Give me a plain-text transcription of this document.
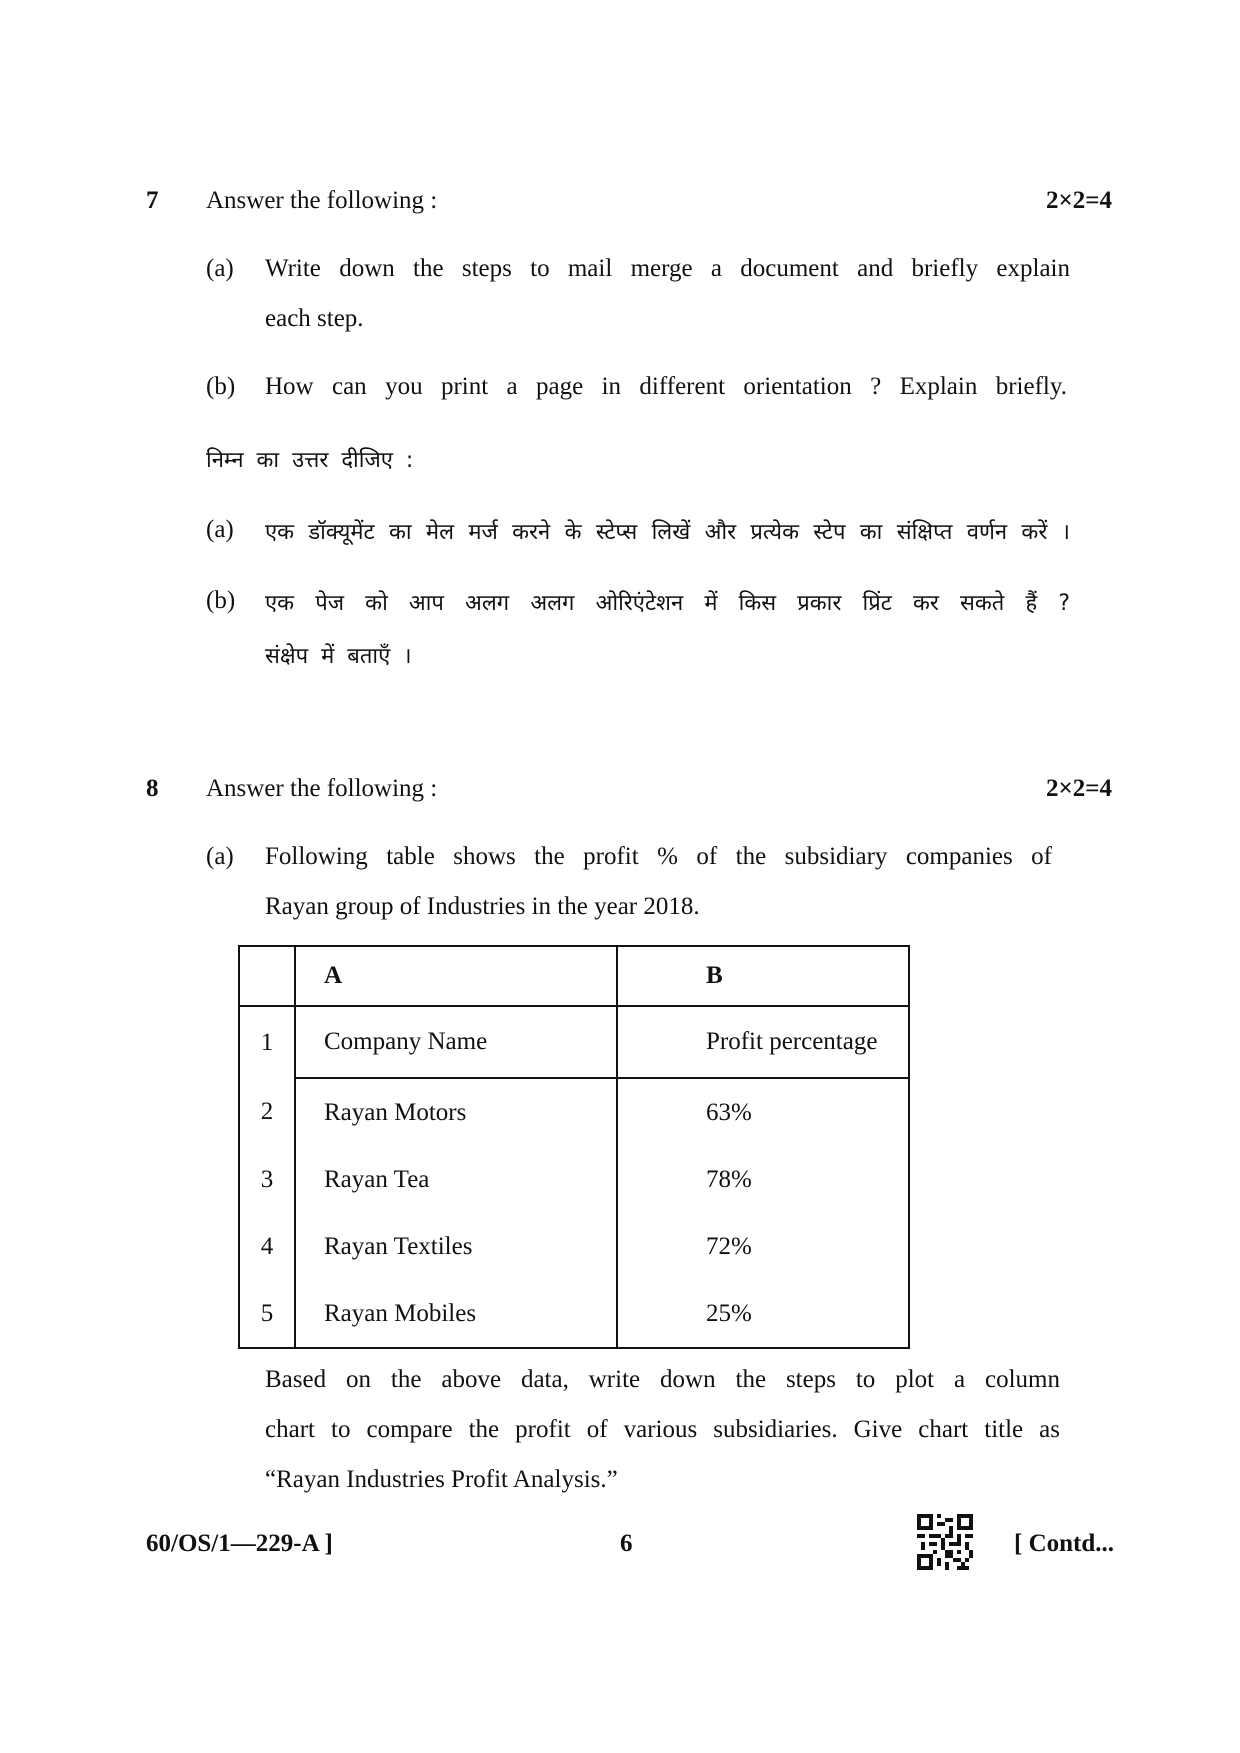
7 Answer the following :	2×2=4
(a) Write down the steps to mail merge a document and briefly explain
each step.
(b) How can you print a page in different orientation ? Explain briefly.
निम्न का उत्तर दीजिए :
(a) एक डॉक्यूमेंट का मेल मर्ज करने के स्टेप्स लिखें और प्रत्येक स्टेप का संक्षिप्त वर्णन करें ।
(b) एक पेज को आप अलग अलग ओरिएंटेशन में किस प्रकार प्रिंट कर सकते हैं ?
संक्षेप में बताएँ ।
8 Answer the following :	2×2=4
(a) Following table shows the profit % of the subsidiary companies of
Rayan group of Industries in the year 2018.
	A	B
1	Company Name	Profit percentage
2	Rayan Motors	63%
3	Rayan Tea	78%
4	Rayan Textiles	72%
5	Rayan Mobiles	25%
Based on the above data, write down the steps to plot a column
chart to compare the profit of various subsidiaries. Give chart title as
“Rayan Industries Profit Analysis.”
60/OS/1—229-A ]	6	[ Contd...
